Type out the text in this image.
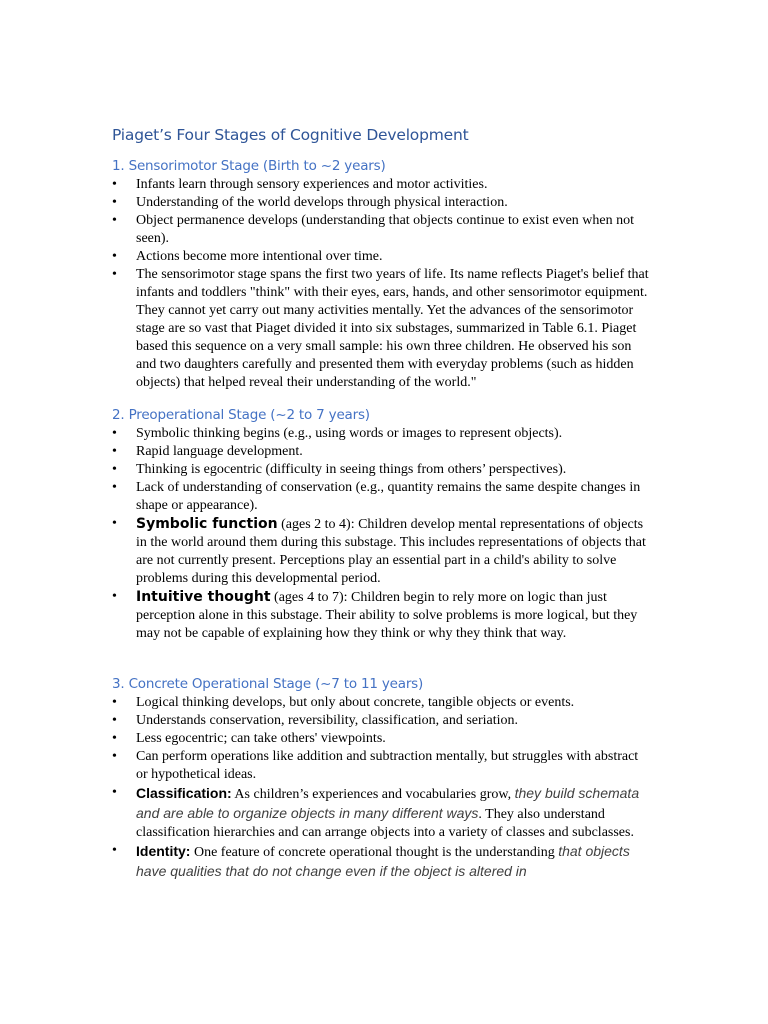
Piaget’s Four Stages of Cognitive Development
1. Sensorimotor Stage (Birth to ~2 years)
• Infants learn through sensory experiences and motor activities.
• Understanding of the world develops through physical interaction.
• Object permanence develops (understanding that objects continue to exist even when not seen).
• Actions become more intentional over time.
• The sensorimotor stage spans the first two years of life. Its name reflects Piaget's belief that infants and toddlers "think" with their eyes, ears, hands, and other sensorimotor equipment. They cannot yet carry out many activities mentally. Yet the advances of the sensorimotor stage are so vast that Piaget divided it into six substages, summarized in Table 6.1. Piaget based this sequence on a very small sample: his own three children. He observed his son and two daughters carefully and presented them with everyday problems (such as hidden objects) that helped reveal their understanding of the world."
2. Preoperational Stage (~2 to 7 years)
• Symbolic thinking begins (e.g., using words or images to represent objects).
• Rapid language development.
• Thinking is egocentric (difficulty in seeing things from others’ perspectives).
• Lack of understanding of conservation (e.g., quantity remains the same despite changes in shape or appearance).
• Symbolic function (ages 2 to 4): Children develop mental representations of objects in the world around them during this substage. This includes representations of objects that are not currently present. Perceptions play an essential part in a child's ability to solve problems during this developmental period.
• Intuitive thought (ages 4 to 7): Children begin to rely more on logic than just perception alone in this substage. Their ability to solve problems is more logical, but they may not be capable of explaining how they think or why they think that way.
3. Concrete Operational Stage (~7 to 11 years)
• Logical thinking develops, but only about concrete, tangible objects or events.
• Understands conservation, reversibility, classification, and seriation.
• Less egocentric; can take others' viewpoints.
• Can perform operations like addition and subtraction mentally, but struggles with abstract or hypothetical ideas.
• Classification: As children’s experiences and vocabularies grow, they build schemata and are able to organize objects in many different ways. They also understand classification hierarchies and can arrange objects into a variety of classes and subclasses.
• Identity: One feature of concrete operational thought is the understanding that objects have qualities that do not change even if the object is altered in
